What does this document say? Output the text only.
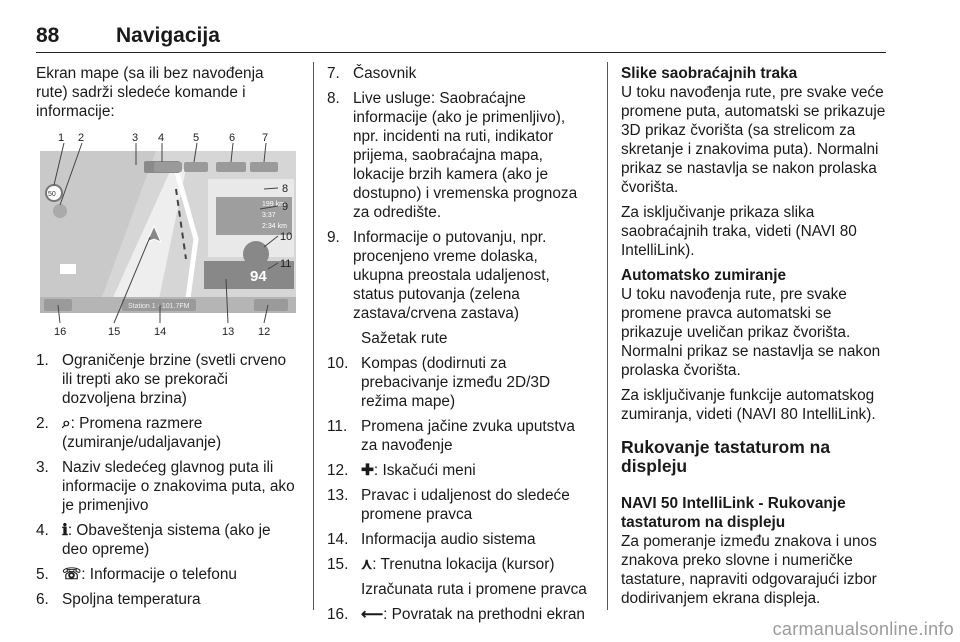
88	Navigacija

Ekran mape (sa ili bez navođenja rute) sadrži sledeće komande i informacije:

199 km
3:37
2:34 km
94
50
Station 1 - 101.7FM
1 2	3 4	5	6 7
8
9
10
11
16	15	14	13 12
1. Ograničenje brzine (svetli crveno ili trepti ako se prekorači dozvoljena brzina)
2. ⌕: Promena razmere (zumiranje/udaljavanje)
3. Naziv sledećeg glavnog puta ili informacije o znakovima puta, ako je primenjivo
4. ℹ: Obaveštenja sistema (ako je deo opreme)
5. ☏: Informacije o telefonu
6. Spoljna temperatura
7. Časovnik
8. Live usluge: Saobraćajne informacije (ako je primenljivo), npr. incidenti na ruti, indikator prijema, saobraćajna mapa, lokacije brzih kamera (ako je dostupno) i vremenska prognoza za odredište.
9. Informacije o putovanju, npr. procenjeno vreme dolaska, ukupna preostala udaljenost, status putovanja (zelena zastava/crvena zastava)
Sažetak rute
10. Kompas (dodirnuti za prebacivanje između 2D/3D režima mape)
11. Promena jačine zvuka uputstva za navođenje
12. ✚: Iskačući meni
13. Pravac i udaljenost do sledeće promene pravca
14. Informacija audio sistema
15. ⋏: Trenutna lokacija (kursor)
Izračunata ruta i promene pravca
16. ⟵: Povratak na prethodni ekran

Slike saobraćajnih traka

U toku navođenja rute, pre svake veće promene puta, automatski se prikazuje 3D prikaz čvorišta (sa strelicom za skretanje i znakovima puta). Normalni prikaz se nastavlja se nakon prolaska čvorišta.

Za isključivanje prikaza slika saobraćajnih traka, videti (NAVI 80 IntelliLink).

Automatsko zumiranje

U toku navođenja rute, pre svake promene pravca automatski se prikazuje uveličan prikaz čvorišta. Normalni prikaz se nastavlja se nakon prolaska čvorišta.

Za isključivanje funkcije automatskog zumiranja, videti (NAVI 80 IntelliLink).

Rukovanje tastaturom na displeju

NAVI 50 IntelliLink - Rukovanje tastaturom na displeju

Za pomeranje između znakova i unos znakova preko slovne i numeričke tastature, napraviti odgovarajući izbor dodirivanjem ekrana displeja.

carmanualsonline.info
